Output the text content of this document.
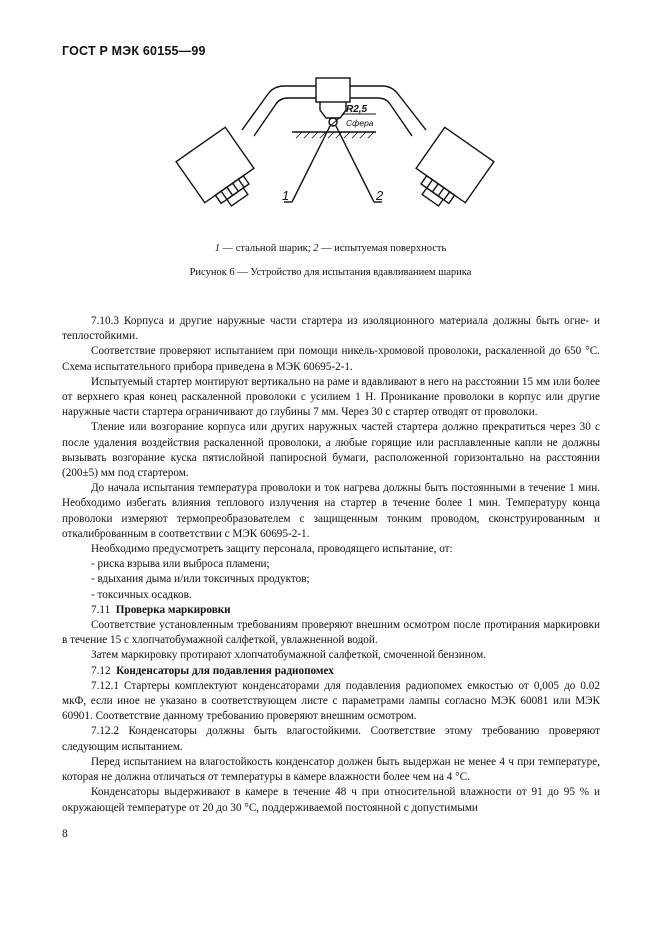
ГОСТ Р МЭК 60155—99
R2,5
Сфера
1	2
1 — стальной шарик; 2 — испытуемая поверхность
Рисунок 6 — Устройство для испытания вдавливанием шарика

7.10.3 Корпуса и другие наружные части стартера из изоляционного материала должны быть огне- и теплостойкими.

Соответствие проверяют испытанием при помощи никель-хромовой проволоки, раскаленной до 650 °С. Схема испытательного прибора приведена в МЭК 60695-2-1.

Испытуемый стартер монтируют вертикально на раме и вдавливают в него на расстоянии 15 мм или более от верхнего края конец раскаленной проволоки с усилием 1 Н. Проникание проволоки в корпус или другие наружные части стартера ограничивают до глубины 7 мм. Через 30 с стартер отводят от проволоки.

Тление или возгорание корпуса или других наружных частей стартера должно прекратиться через 30 с после удаления воздействия раскаленной проволоки, а любые горящие или расплавленные капли не должны вызывать возгорание куска пятислойной папиросной бумаги, расположенной горизонтально на расстоянии (200±5) мм под стартером.

До начала испытания температура проволоки и ток нагрева должны быть постоянными в течение 1 мин. Необходимо избегать влияния теплового излучения на стартер в течение более 1 мин. Температуру конца проволоки измеряют термопреобразователем с защищенным тонким проводом, сконструированным и откалиброванным в соответствии с МЭК 60695-2-1.

Необходимо предусмотреть защиту персонала, проводящего испытание, от:

- риска взрыва или выброса пламени;

- вдыхания дыма и/или токсичных продуктов;

- токсичных осадков.

7.11 Проверка маркировки

Соответствие установленным требованиям проверяют внешним осмотром после протирания маркировки в течение 15 с хлопчатобумажной салфеткой, увлажненной водой.

Затем маркировку протирают хлопчатобумажной салфеткой, смоченной бензином.

7.12 Конденсаторы для подавления радиопомех

7.12.1 Стартеры комплектуют конденсаторами для подавления радиопомех емкостью от 0,005 до 0.02 мкФ, если иное не указано в соответствующем листе с параметрами лампы согласно МЭК 60081 или МЭК 60901. Соответствие данному требованию проверяют внешним осмотром.

7.12.2 Конденсаторы должны быть влагостойкими. Соответствие этому требованию проверяют следующим испытанием.

Перед испытанием на влагостойкость конденсатор должен быть выдержан не менее 4 ч при температуре, которая не должна отличаться от температуры в камере влажности более чем на 4 °С.

Конденсаторы выдерживают в камере в течение 48 ч при относительной влажности от 91 до 95 % и окружающей температуре от 20 до 30 °С, поддерживаемой постоянной с допустимыми

8
